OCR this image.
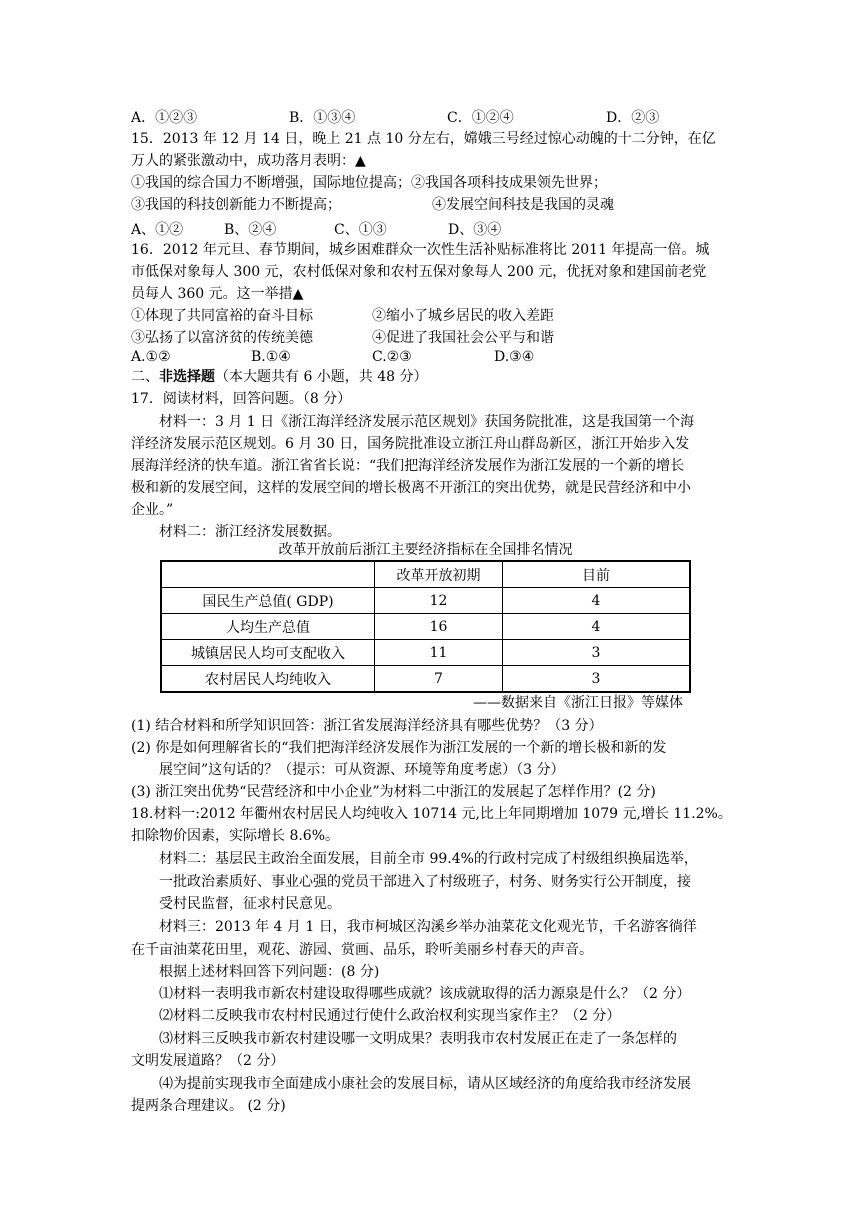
A．①②③	B．①③④	C．①②④	D．②③
15．2013 年 12 月 14 日，晚上 21 点 10 分左右，嫦娥三号经过惊心动魄的十二分钟，在亿
万人的紧张激动中，成功落月表明：▲
①我国的综合国力不断增强，国际地位提高；②我国各项科技成果领先世界；
③我国的科技创新能力不断提高；	④发展空间科技是我国的灵魂
A、①②	B、②④	C、①③	D、③④
16．2012 年元旦、春节期间，城乡困难群众一次性生活补贴标准将比 2011 年提高一倍。城
市低保对象每人 300 元，农村低保对象和农村五保对象每人 200 元，优抚对象和建国前老党
员每人 360 元。这一举措▲
①体现了共同富裕的奋斗目标	②缩小了城乡居民的收入差距
③弘扬了以富济贫的传统美德	④促进了我国社会公平与和谐
A.①②	B.①④	C.②③	D.③④
二、非选择题（本大题共有 6 小题，共 48 分）
17．阅读材料，回答问题。（8 分）
材料一：3 月 1 日《浙江海洋经济发展示范区规划》获国务院批准，这是我国第一个海
洋经济发展示范区规划。6 月 30 日，国务院批准设立浙江舟山群岛新区，浙江开始步入发
展海洋经济的快车道。浙江省省长说：“我们把海洋经济发展作为浙江发展的一个新的增长
极和新的发展空间，这样的发展空间的增长极离不开浙江的突出优势，就是民营经济和中小
企业。”
材料二：浙江经济发展数据。
改革开放前后浙江主要经济指标在全国排名情况
	改革开放初期	目前
国民生产总值( GDP)	12	4
人均生产总值	16	4
城镇居民人均可支配收入	11	3
农村居民人均纯收入	7	3
——数据来自《浙江日报》等媒体
(1) 结合材料和所学知识回答：浙江省发展海洋经济具有哪些优势？（3 分）
(2) 你是如何理解省长的“我们把海洋经济发展作为浙江发展的一个新的增长极和新的发
展空间”这句话的？（提示：可从资源、环境等角度考虑）（3 分）
(3) 浙江突出优势“民营经济和中小企业”为材料二中浙江的发展起了怎样作用？(2 分)
18.材料一:2012 年衢州农村居民人均纯收入 10714 元,比上年同期增加 1079 元,增长 11.2%。
扣除物价因素，实际增长 8.6%。
材料二：基层民主政治全面发展，目前全市 99.4%的行政村完成了村级组织换届选举，
一批政治素质好、事业心强的党员干部进入了村级班子，村务、财务实行公开制度，接
受村民监督，征求村民意见。
材料三：2013 年 4 月 1 日，我市柯城区沟溪乡举办油菜花文化观光节，千名游客徜徉
在千亩油菜花田里，观花、游园、赏画、品乐，聆听美丽乡村春天的声音。
根据上述材料回答下列问题：(8 分)
⑴材料一表明我市新农村建设取得哪些成就？该成就取得的活力源泉是什么？（2 分）
⑵材料二反映我市农村村民通过行使什么政治权利实现当家作主？（2 分）
⑶材料三反映我市新农村建设哪一文明成果？表明我市农村发展正在走了一条怎样的
文明发展道路？（2 分）
⑷为提前实现我市全面建成小康社会的发展目标，请从区域经济的角度给我市经济发展
提两条合理建议。 (2 分)
